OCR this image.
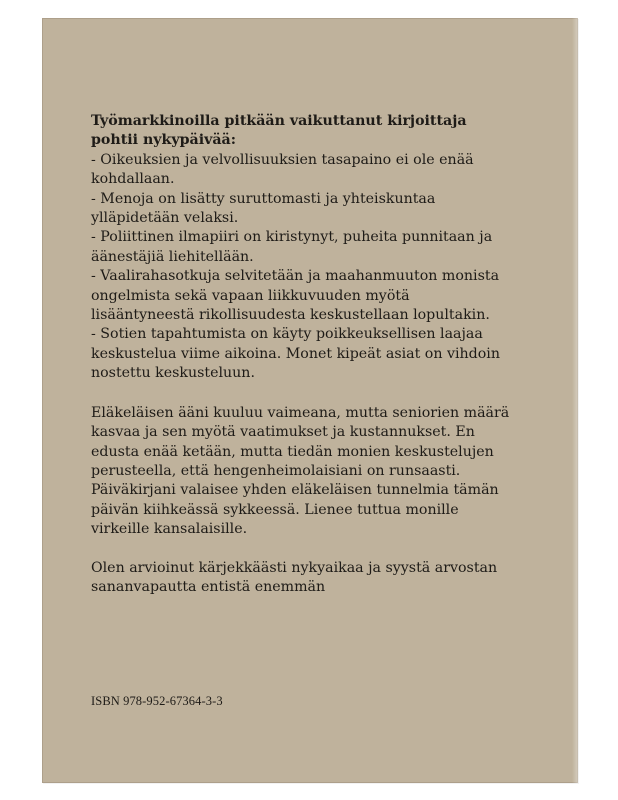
Työmarkkinoilla pitkään vaikuttanut kirjoittaja pohtii nykypäivää:

- Oikeuksien ja velvollisuuksien tasapaino ei ole enää kohdallaan.
- Menoja on lisätty suruttomasti ja yhteiskuntaa ylläpidetään velaksi.
- Poliittinen ilmapiiri on kiristynyt, puheita punnitaan ja äänestäjiä liehitellään.
- Vaalirahasotkuja selvitetään ja maahanmuuton monista ongelmista sekä vapaan liikkuvuuden myötä lisääntyneestä rikollisuudesta keskustellaan lopultakin.
- Sotien tapahtumista on käyty poikkeuksellisen laajaa keskustelua viime aikoina. Monet kipeät asiat on vihdoin nostettu keskusteluun.

Eläkeläisen ääni kuuluu vaimeana, mutta seniorien määrä kasvaa ja sen myötä vaatimukset ja kustannukset. En edusta enää ketään, mutta tiedän monien keskustelujen perusteella, että hengenheimolaisiani on runsaasti. Päiväkirjani valaisee yhden eläkeläisen tunnelmia tämän päivän kiihkeässä sykkeessä. Lienee tuttua monille virkeille kansalaisille.

Olen arvioinut kärjekkäästi nykyaikaa ja syystä arvostan sananvapautta entistä enemmän

ISBN 978-952-67364-3-3
